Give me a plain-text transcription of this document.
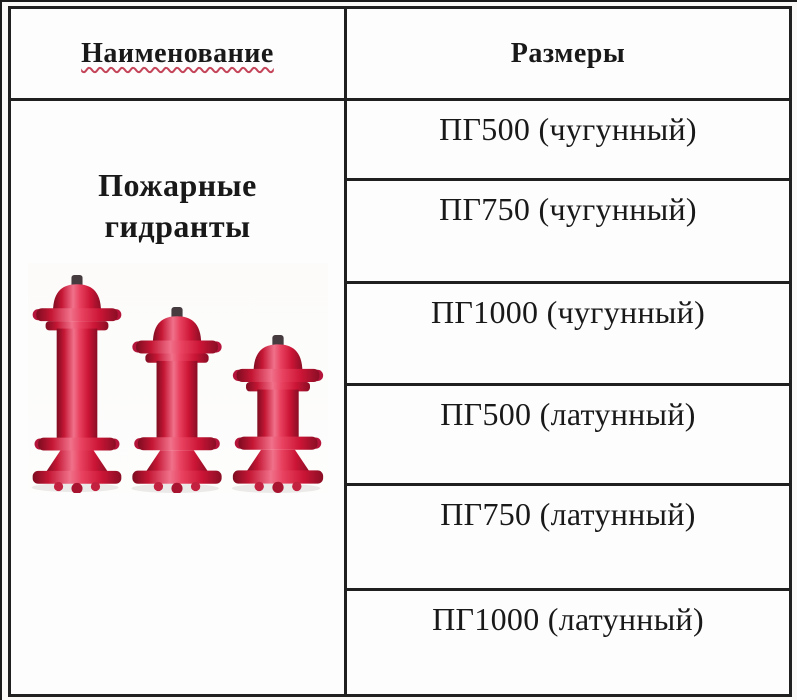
Наименование	Размеры
Пожарные гидранты
ПГ500 (чугунный)
ПГ750 (чугунный)
ПГ1000 (чугунный)
ПГ500 (латунный)
ПГ750 (латунный)
ПГ1000 (латунный)
